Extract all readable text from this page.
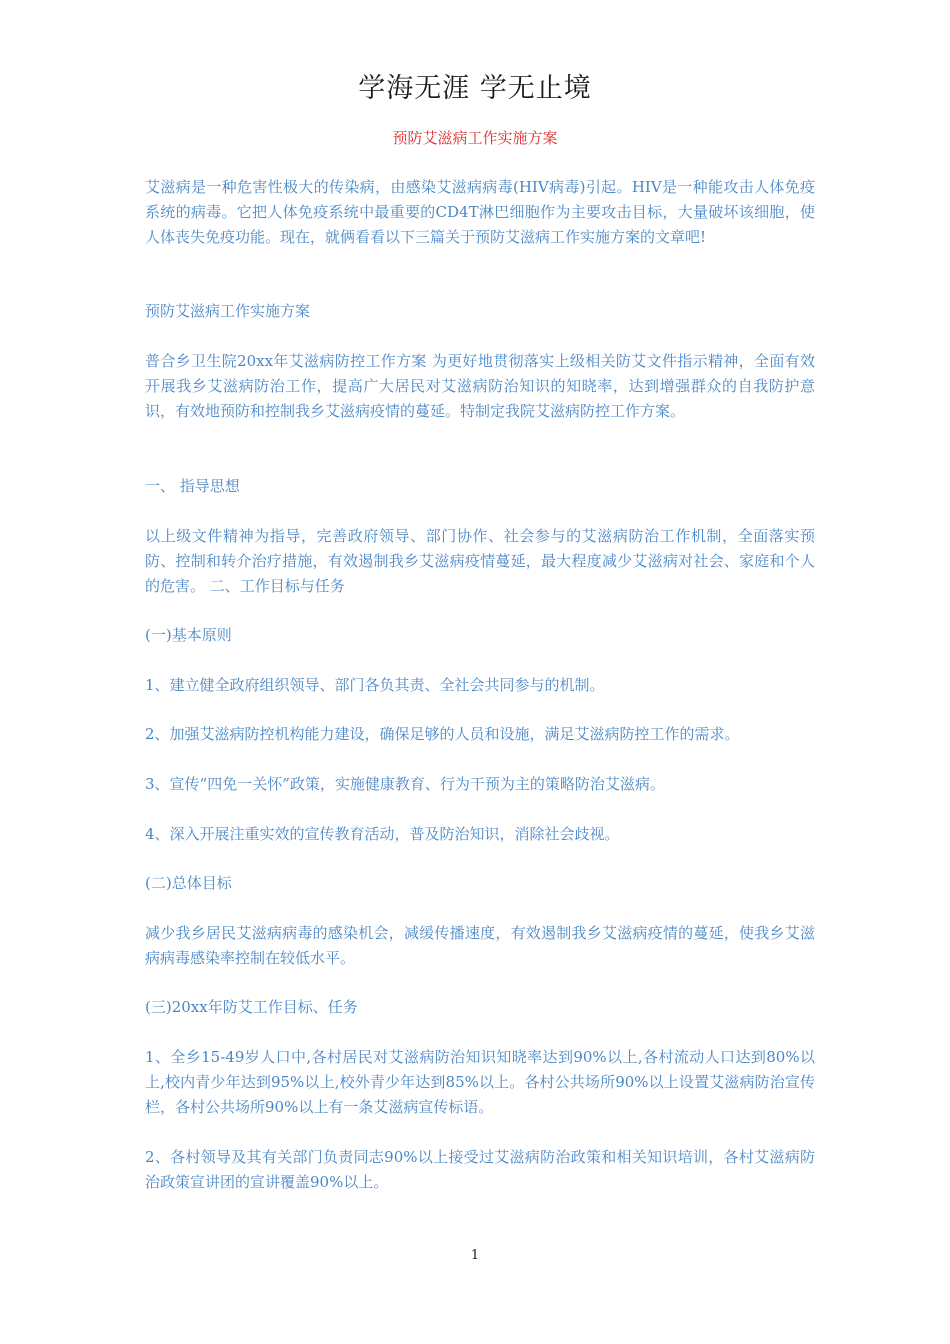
学海无涯 学无止境
预防艾滋病工作实施方案

艾滋病是一种危害性极大的传染病，由感染艾滋病病毒(HIV病毒)引起。HIV是一种能攻击人体免疫系统的病毒。它把人体免疫系统中最重要的CD4T淋巴细胞作为主要攻击目标，大量破坏该细胞，使人体丧失免疫功能。现在，就俩看看以下三篇关于预防艾滋病工作实施方案的文章吧!

预防艾滋病工作实施方案

普合乡卫生院20xx年艾滋病防控工作方案 为更好地贯彻落实上级相关防艾文件指示精神，全面有效开展我乡艾滋病防治工作，提高广大居民对艾滋病防治知识的知晓率，达到增强群众的自我防护意识，有效地预防和控制我乡艾滋病疫情的蔓延。特制定我院艾滋病防控工作方案。

一、 指导思想

以上级文件精神为指导，完善政府领导、部门协作、社会参与的艾滋病防治工作机制，全面落实预防、控制和转介治疗措施，有效遏制我乡艾滋病疫情蔓延，最大程度减少艾滋病对社会、家庭和个人的危害。 二、工作目标与任务

(一)基本原则

1、建立健全政府组织领导、部门各负其责、全社会共同参与的机制。

2、加强艾滋病防控机构能力建设，确保足够的人员和设施，满足艾滋病防控工作的需求。

3、宣传“四免一关怀”政策，实施健康教育、行为干预为主的策略防治艾滋病。

4、深入开展注重实效的宣传教育活动，普及防治知识，消除社会歧视。

(二)总体目标

减少我乡居民艾滋病病毒的感染机会，减缓传播速度，有效遏制我乡艾滋病疫情的蔓延，使我乡艾滋病病毒感染率控制在较低水平。

(三)20xx年防艾工作目标、任务

1、全乡15-49岁人口中,各村居民对艾滋病防治知识知晓率达到90%以上,各村流动人口达到80%以上,校内青少年达到95%以上,校外青少年达到85%以上。各村公共场所90%以上设置艾滋病防治宣传栏，各村公共场所90%以上有一条艾滋病宣传标语。

2、各村领导及其有关部门负责同志90%以上接受过艾滋病防治政策和相关知识培训，各村艾滋病防治政策宣讲团的宣讲覆盖90%以上。

1
